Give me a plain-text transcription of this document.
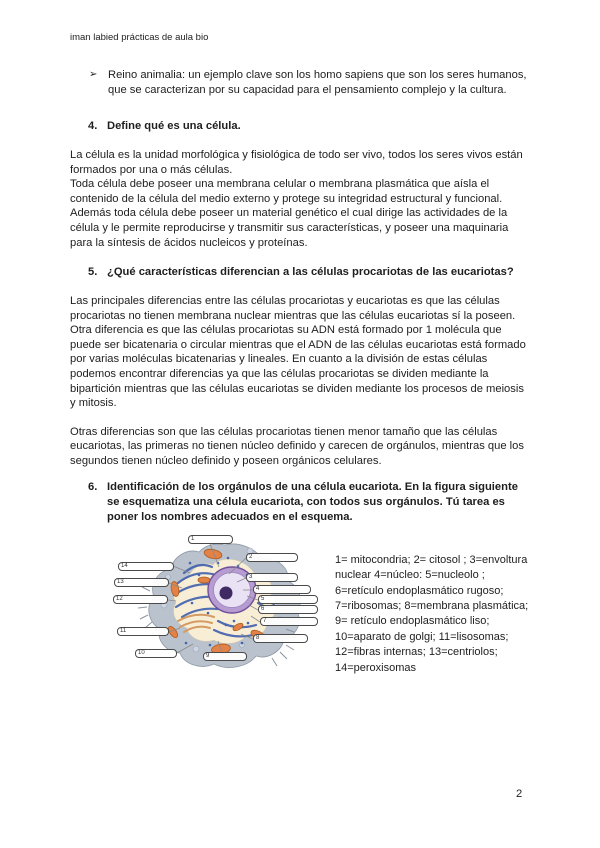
iman labied prácticas de aula bio
➢ Reino animalia: un ejemplo clave son los homo sapiens que son los seres humanos, que se caracterizan por su capacidad para el pensamiento complejo y la cultura.
4. Define qué es una célula.

La célula es la unidad morfológica y fisiológica de todo ser vivo, todos los seres vivos están formados por una o más células.

Toda célula debe poseer una membrana celular o membrana plasmática que aísla el contenido de la célula del medio externo y protege su integridad estructural y funcional. Además toda célula debe poseer un material genético el cual dirige las actividades de la célula y le permite reproducirse y transmitir sus características, y poseer una maquinaria para la síntesis de ácidos nucleicos y proteínas.

5. ¿Qué características diferencian a las células procariotas de las eucariotas?

Las principales diferencias entre las células procariotas y eucariotas es que las células procariotas no tienen membrana nuclear mientras que las células eucariotas sí la poseen. Otra diferencia es que las células procariotas su ADN está formado por 1 molécula que puede ser bicatenaria o circular mientras que el ADN de las células eucariotas está formado por varias moléculas bicatenarias y lineales. En cuanto a la división de estas células podemos encontrar diferencias ya que las células procariotas se dividen mediante la bipartición mientras que las células eucariotas se dividen mediante los procesos de meiosis y mitosis.

Otras diferencias son que las células procariotas tienen menor tamaño que las células eucariotas, las primeras no tienen núcleo definido y carecen de orgánulos, mientras que los segundos tienen núcleo definido y poseen orgánicos celulares.

6. Identificación de los orgánulos de una célula eucariota. En la figura siguiente se esquematiza una célula eucariota, con todos sus orgánulos. Tú tarea es poner los nombres adecuados en el esquema.
1
2
3
4
5
6
7
8
9
10
11
12
13
14	1= mitocondria; 2= citosol ; 3=envoltura
nuclear 4=núcleo: 5=nucleolo ;
6=retículo endoplasmático rugoso;
7=ribosomas; 8=membrana plasmática;
9= retículo endoplasmático liso;
10=aparato de golgi; 11=lisosomas;
12=fibras internas; 13=centriolos;
14=peroxisomas
2
